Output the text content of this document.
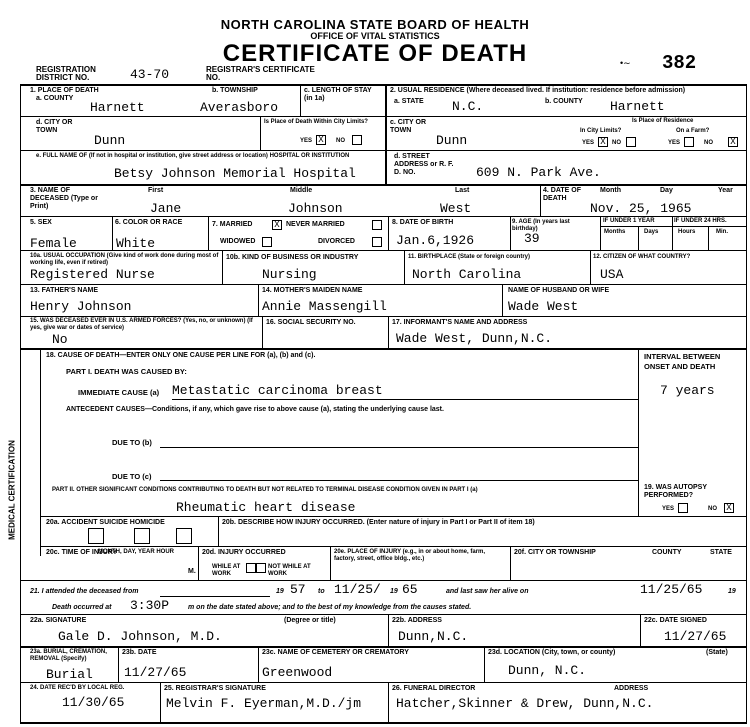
NORTH CAROLINA STATE BOARD OF HEALTH
OFFICE OF VITAL STATISTICS
CERTIFICATE OF DEATH	•∼ 382
REGISTRATION DISTRICT NO.	43-70	REGISTRAR'S CERTIFICATE NO.
1. PLACE OF DEATH
a. COUNTY
Harnett
b. TOWNSHIP
Averasboro
c. LENGTH OF STAY (in 1a)
2. USUAL RESIDENCE (Where deceased lived. If institution: residence before admission)
a. STATE N.C.	b. COUNTY Harnett
d. CITY OR TOWN
Dunn
Is Place of Death Within City Limits?
YES X	NO
c. CITY OR TOWN
Dunn
Is Place of Residence
In City Limits?	On a Farm?
YES X	NO	YES	NO X
e. FULL NAME OF (If not in hospital or institution, give street address or location) HOSPITAL OR INSTITUTION
Betsy Johnson Memorial Hospital
d. STREET ADDRESS or R. F. D. NO.	609 N. Park Ave.
3. NAME OF DECEASED (Type or Print)
First	Middle	Last
Jane	Johnson	West
4. DATE OF DEATH
Month	Day	Year
Nov. 25, 1965
5. SEX
Female
6. COLOR OR RACE
White
7. MARRIED X NEVER MARRIED
WIDOWED	DIVORCED
8. DATE OF BIRTH
Jan.6,1926
9. AGE (In years last birthday)
39
IF UNDER 1 YEAR	IF UNDER 24 HRS.
Months	Days	Hours	Min.
10a. USUAL OCCUPATION (Give kind of work done during most of working life, even if retired)
Registered Nurse
10b. KIND OF BUSINESS OR INDUSTRY
Nursing
11. BIRTHPLACE (State or foreign country)
North Carolina
12. CITIZEN OF WHAT COUNTRY?
USA
13. FATHER'S NAME
Henry Johnson
14. MOTHER'S MAIDEN NAME
Annie Massengill
NAME OF HUSBAND OR WIFE
Wade West
15. WAS DECEASED EVER IN U.S. ARMED FORCES? (Yes, no, or unknown) (If yes, give war or dates of service)
No
16. SOCIAL SECURITY NO.	17. INFORMANT'S NAME AND ADDRESS
Wade West, Dunn,N.C.
MEDICAL CERTIFICATION
18. CAUSE OF DEATH—ENTER ONLY ONE CAUSE PER LINE FOR (a), (b) and (c).	INTERVAL BETWEEN ONSET AND DEATH
PART I. DEATH WAS CAUSED BY:
IMMEDIATE CAUSE (a) Metastatic carcinoma breast	7 years
ANTECEDENT CAUSES—Conditions, if any, which gave rise to above cause (a), stating the underlying cause last.
DUE TO (b)
DUE TO (c)
PART II. OTHER SIGNIFICANT CONDITIONS CONTRIBUTING TO DEATH BUT NOT RELATED TO TERMINAL DISEASE CONDITION GIVEN IN PART I (a)
Rheumatic heart disease
19. WAS AUTOPSY PERFORMED?
YES	NO X
20a. ACCIDENT SUICIDE HOMICIDE	20b. DESCRIBE HOW INJURY OCCURRED. (Enter nature of injury in Part I or Part II of item 18)
20c. TIME OF INJURY
MONTH, DAY, YEAR HOUR
M.
20d. INJURY OCCURRED
WHILE AT WORK
NOT WHILE AT WORK
20e. PLACE OF INJURY (e.g., in or about home, farm, factory, street, office bldg., etc.)
20f. CITY OR TOWNSHIP	COUNTY	STATE
21. I attended the deceased from	19 57 to 11/25/ 19 65	and last saw her alive on	11/25/65	19
Death occurred at 3:30P	m on the date stated above; and to the best of my knowledge from the causes stated.
22a. SIGNATURE	(Degree or title)
Gale D. Johnson, M.D.
22b. ADDRESS
Dunn,N.C.
22c. DATE SIGNED
11/27/65
23a. BURIAL, CREMATION, REMOVAL (Specify)
Burial
23b. DATE
11/27/65
23c. NAME OF CEMETERY OR CREMATORY
Greenwood
23d. LOCATION (City, town, or county)	(State)
Dunn, N.C.
24. DATE REC'D BY LOCAL REG.
11/30/65
25. REGISTRAR'S SIGNATURE
Melvin F. Eyerman,M.D./jm
26. FUNERAL DIRECTOR	ADDRESS
Hatcher,Skinner & Drew, Dunn,N.C.
